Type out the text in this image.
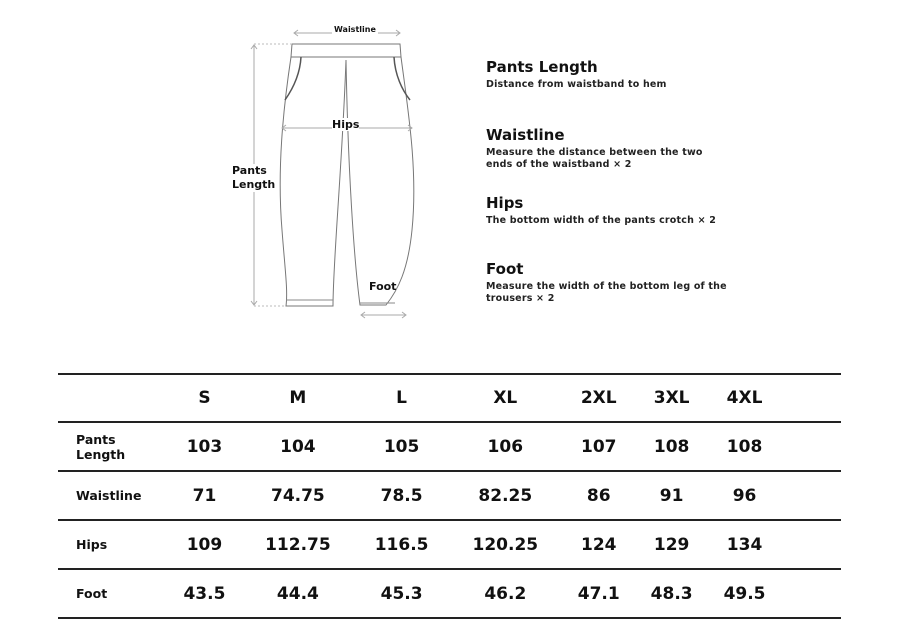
Waistline
Hips
Pants
Length
Foot
Pants Length
Distance from waistband to hem
Waistline
Measure the distance between the two
ends of the waistband × 2
Hips
The bottom width of the pants crotch × 2
Foot
Measure the width of the bottom leg of the
trousers × 2
	S	M	L	XL	2XL	3XL	4XL	
Pants
Length	103	104	105	106	107	108	108	
Waistline	71	74.75	78.5	82.25	86	91	96	
Hips	109	112.75	116.5	120.25	124	129	134	
Foot	43.5	44.4	45.3	46.2	47.1	48.3	49.5	
